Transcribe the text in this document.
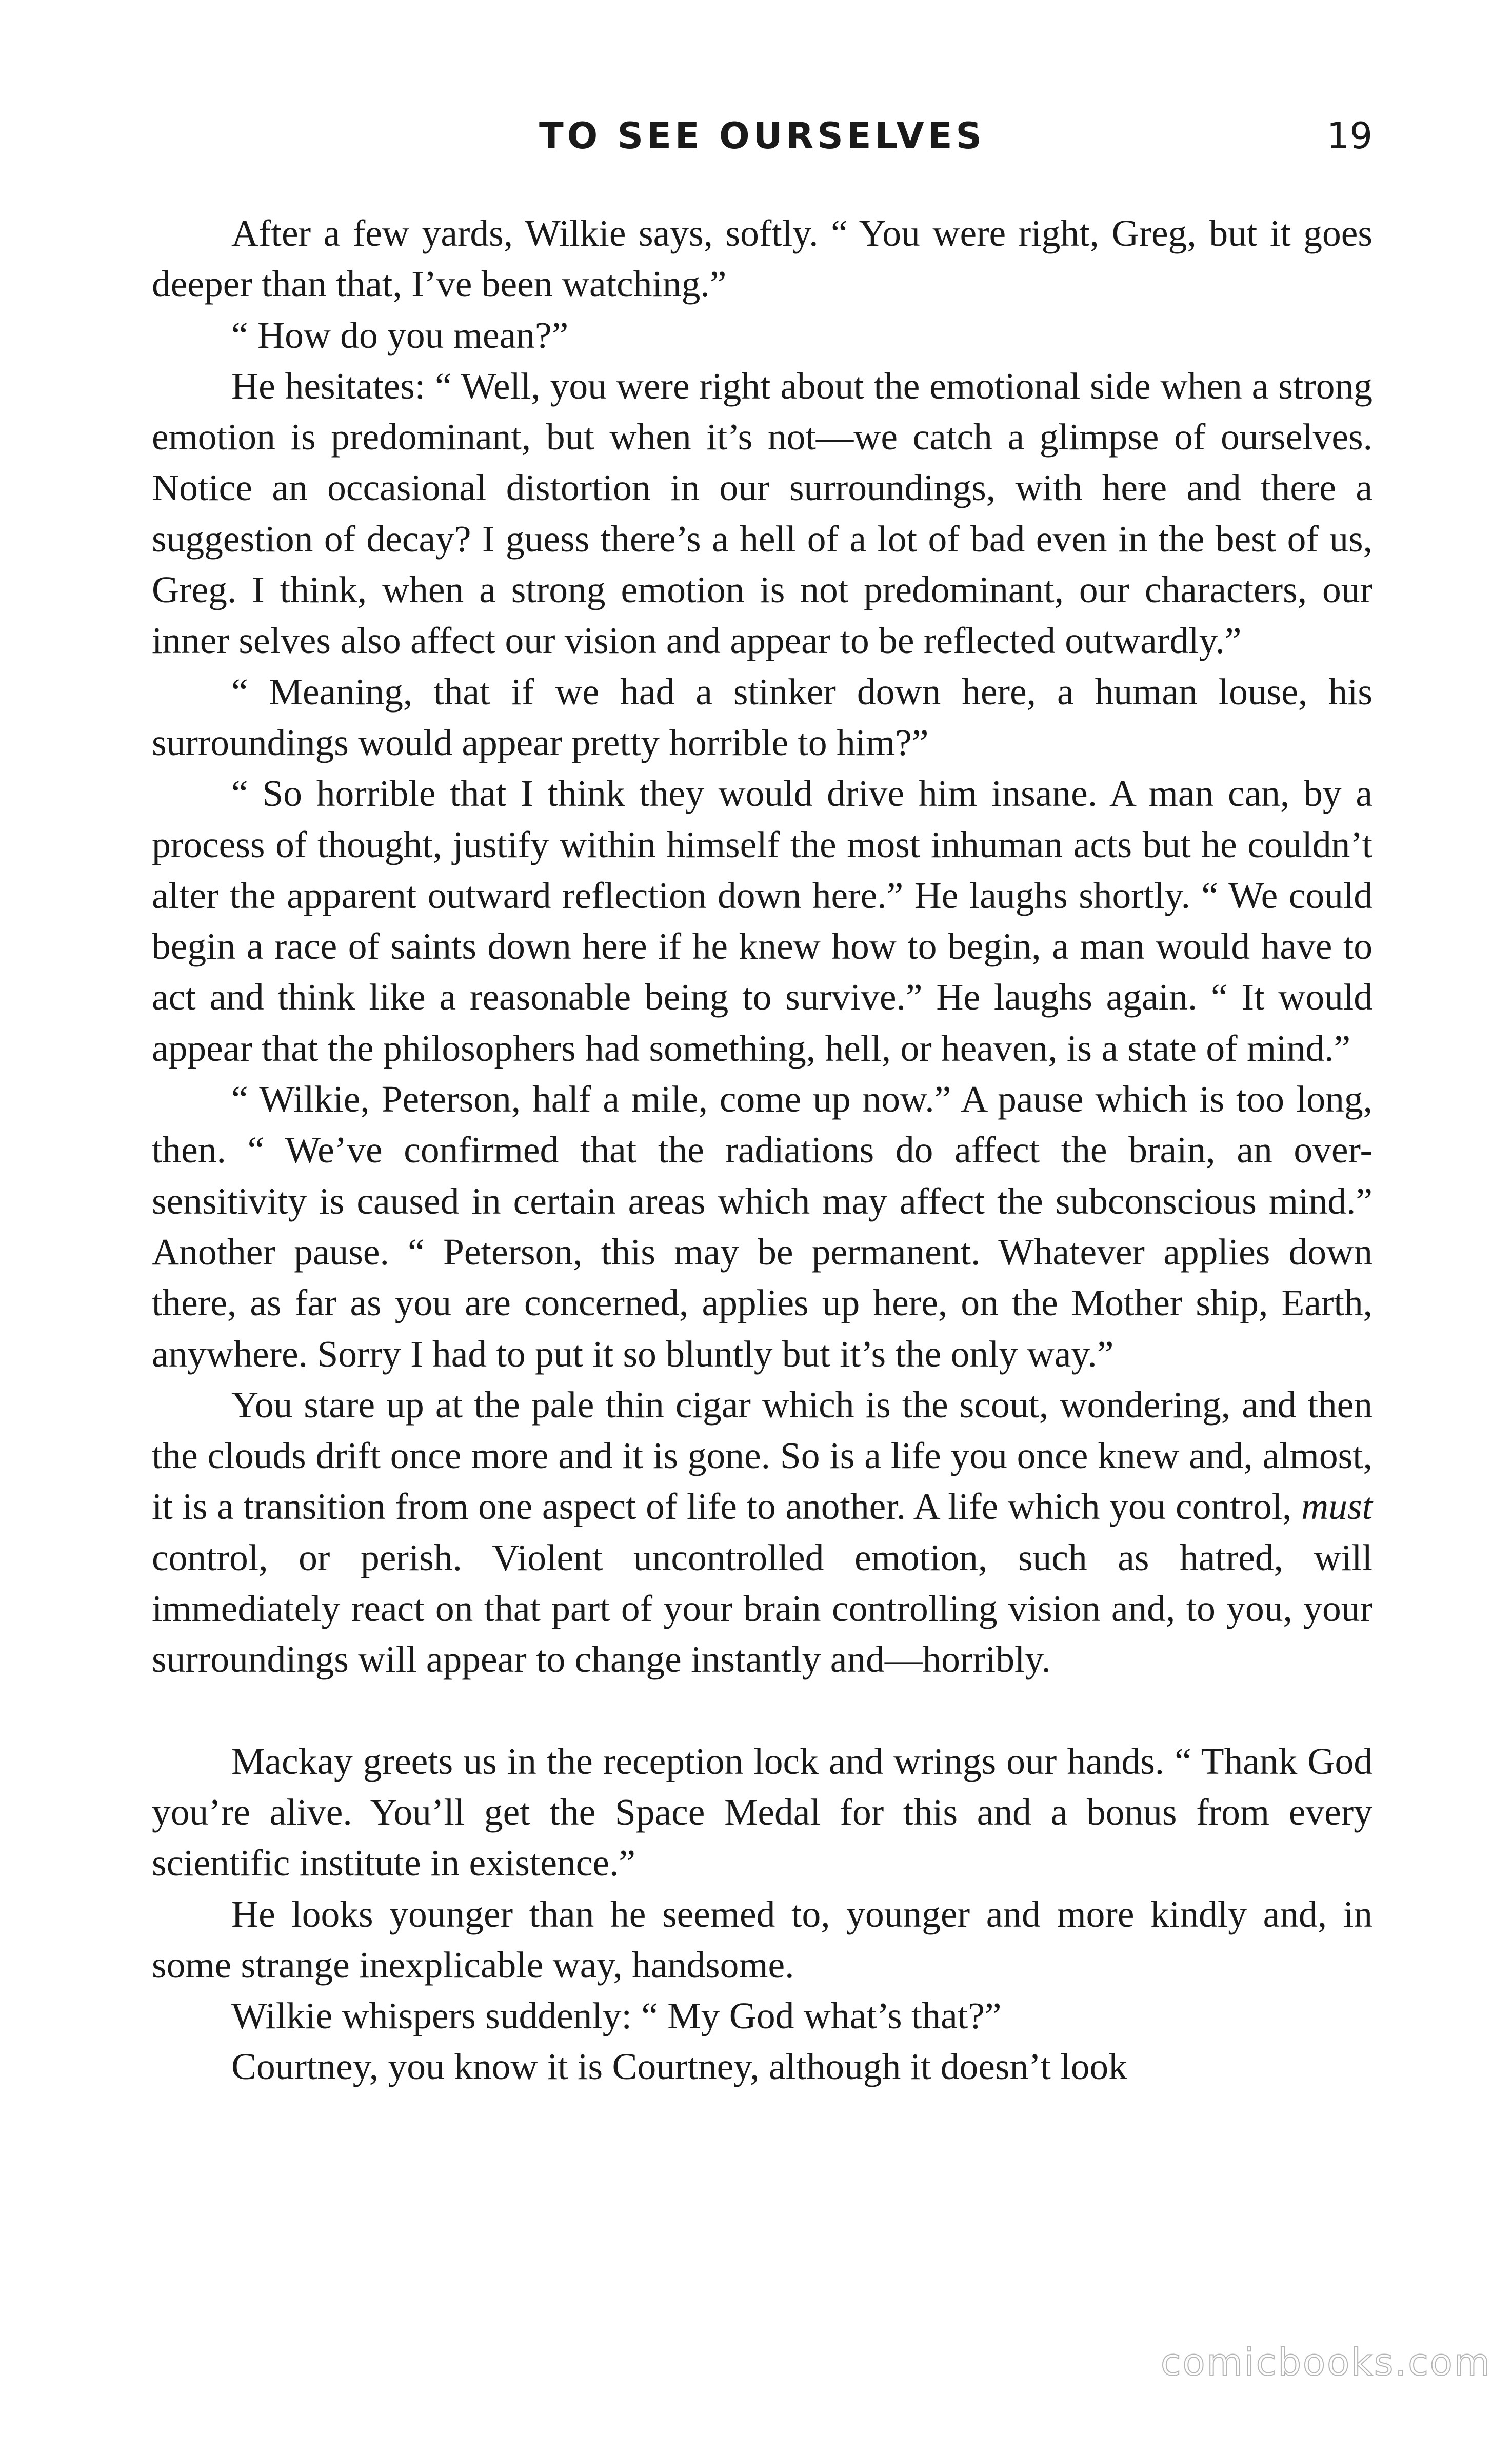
TO SEE OURSELVES	19

After a few yards, Wilkie says, softly. “ You were right, Greg, but it goes deeper than that, I’ve been watching.”

“ How do you mean?”

He hesitates: “ Well, you were right about the emotional side when a strong emotion is predominant, but when it’s not—we catch a glimpse of ourselves. Notice an occasional distortion in our surroundings, with here and there a suggestion of decay? I guess there’s a hell of a lot of bad even in the best of us, Greg. I think, when a strong emotion is not predominant, our characters, our inner selves also affect our vision and appear to be reflected outwardly.”

“ Meaning, that if we had a stinker down here, a human louse, his surroundings would appear pretty horrible to him?”

“ So horrible that I think they would drive him insane. A man can, by a process of thought, justify within himself the most inhuman acts but he couldn’t alter the apparent outward reflection down here.” He laughs shortly. “ We could begin a race of saints down here if he knew how to begin, a man would have to act and think like a reasonable being to survive.” He laughs again. “ It would appear that the philosophers had something, hell, or heaven, is a state of mind.”

“ Wilkie, Peterson, half a mile, come up now.” A pause which is too long, then. “ We’ve confirmed that the radiations do affect the brain, an over-sensitivity is caused in certain areas which may affect the subconscious mind.” Another pause. “ Peterson, this may be permanent. Whatever applies down there, as far as you are concerned, applies up here, on the Mother ship, Earth, anywhere. Sorry I had to put it so bluntly but it’s the only way.”

You stare up at the pale thin cigar which is the scout, wondering, and then the clouds drift once more and it is gone. So is a life you once knew and, almost, it is a transition from one aspect of life to another. A life which you control, must control, or perish. Violent uncontrolled emotion, such as hatred, will immediately react on that part of your brain controlling vision and, to you, your surroundings will appear to change instantly and—horribly.

Mackay greets us in the reception lock and wrings our hands. “ Thank God you’re alive. You’ll get the Space Medal for this and a bonus from every scientific institute in existence.”

He looks younger than he seemed to, younger and more kindly and, in some strange inexplicable way, handsome.

Wilkie whispers suddenly: “ My God what’s that?”

Courtney, you know it is Courtney, although it doesn’t look

comicbooks.com
